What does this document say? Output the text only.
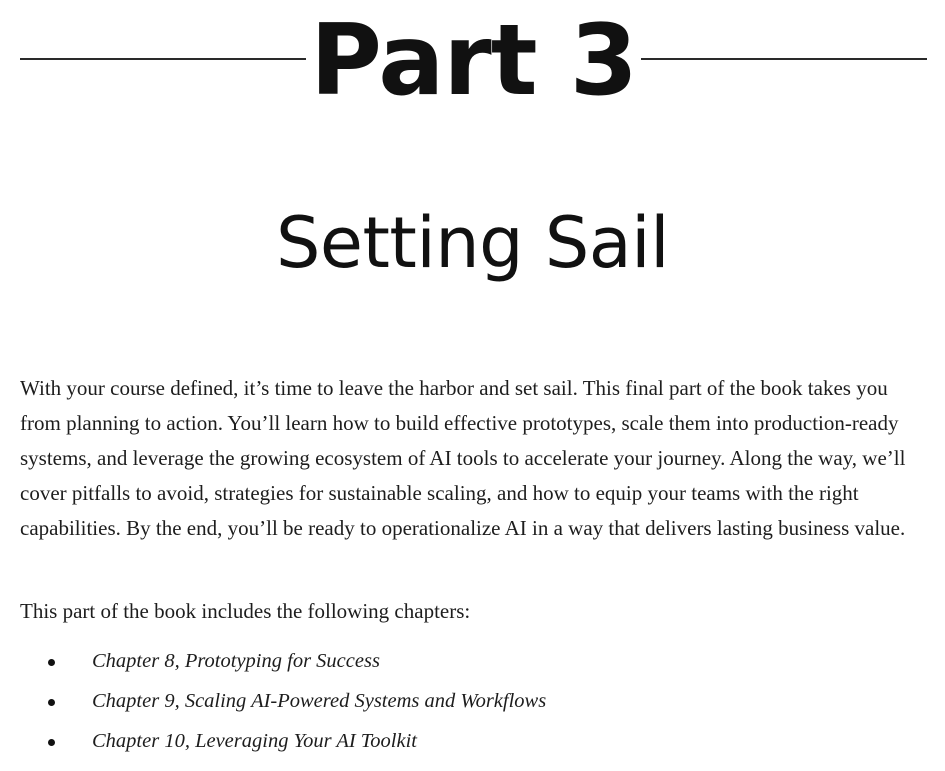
Part 3
Setting Sail

With your course defined, it’s time to leave the harbor and set sail. This final part of the book takes you from planning to action. You’ll learn how to build effective prototypes, scale them into production-ready systems, and leverage the growing ecosystem of AI tools to accelerate your journey. Along the way, we’ll cover pitfalls to avoid, strategies for sustainable scaling, and how to equip your teams with the right capabilities. By the end, you’ll be ready to operationalize AI in a way that delivers lasting business value.

This part of the book includes the following chapters:

Chapter 8, Prototyping for Success
Chapter 9, Scaling AI-Powered Systems and Workflows
Chapter 10, Leveraging Your AI Toolkit
